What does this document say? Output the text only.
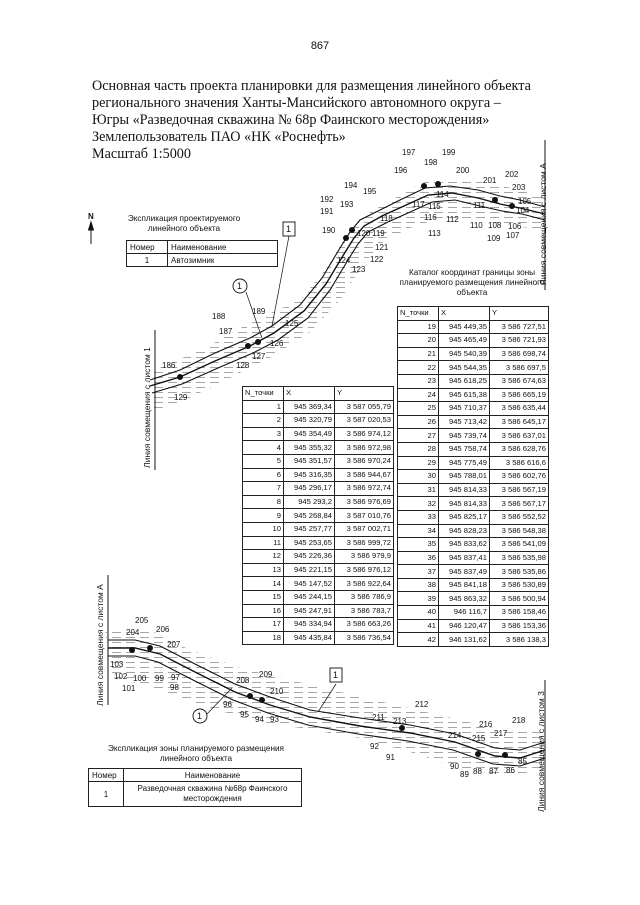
867
Основная часть проекта планировки для размещения линейного объекта
регионального значения Ханты-Мансийского автономного округа –
Югры «Разведочная скважина № 68р Фаинского месторождения»
Землепользователь ПАО «НК «Роснефть»
Масштаб 1:5000
1
1
1
1
N
197	199
196
198
200
201
202
203
194
195
192
193
191
117 115
114
111
104
105
118	116 112
110 108 106
190	120 119	113
109 107
121
122
124
123
188
189
187
125
126
127
128
186
129
205
204 206
207
103
102 100 99 97
101	98
208
209
210
96
95
94 93
212
211 213	216 218
214 215
217
92
91
90
89 88 87 86
85
Линия совмещения с листом А
Линия совмещения с листом 1
Линия совмещения с листом А
Линия совмещения с листом 3
Экспликация проектируемого линейного объекта
Номер	Наименование
1	Автозимник
Каталог координат границы зоны планируемого размещения линейного объекта
N_точки	X	Y
19	945 449,35	3 586 727,51
20	945 465,49	3 586 721,93
21	945 540,39	3 586 698,74
22	945 544,35	3 586 697,5
23	945 618,25	3 586 674,63
24	945 615,38	3 586 665,19
25	945 710,37	3 586 635,44
26	945 713,42	3 586 645,17
27	945 739,74	3 586 637,01
28	945 758,74	3 586 628,76
29	945 775,49	3 586 616,6
30	945 788,01	3 586 602,76
31	945 814,33	3 586 567,19
32	945 814,33	3 586 567,17
33	945 825,17	3 586 552,52
34	945 828,23	3 586 548,38
35	945 833,62	3 586 541,09
36	945 837,41	3 586 535,98
37	945 837,49	3 586 535,86
38	945 841,18	3 586 530,89
39	945 863,32	3 586 500,94
40	946 116,7	3 586 158,46
41	946 120,47	3 586 153,36
42	946 131,62	3 586 138,3
N_точки	X	Y
1	945 369,34	3 587 055,79
2	945 320,79	3 587 020,53
3	945 354,49	3 586 974,12
4	945 355,32	3 586 972,98
5	945 351,57	3 586 970,24
6	945 316,35	3 586 944,67
7	945 296,17	3 586 972,74
8	945 293,2	3 586 976,69
9	945 268,84	3 587 010,76
10	945 257,77	3 587 002,71
11	945 253,65	3 586 999,72
12	945 226,36	3 586 979,9
13	945 221,15	3 586 976,12
14	945 147,52	3 586 922,64
15	945 244,15	3 586 786,9
16	945 247,91	3 586 783,7
17	945 334,94	3 586 663,26
18	945 435,84	3 586 736,54
Экспликация зоны планируемого размещения линейного объекта
Номер	Наименование
1	Разведочная скважина №68р Фаинского месторождения
